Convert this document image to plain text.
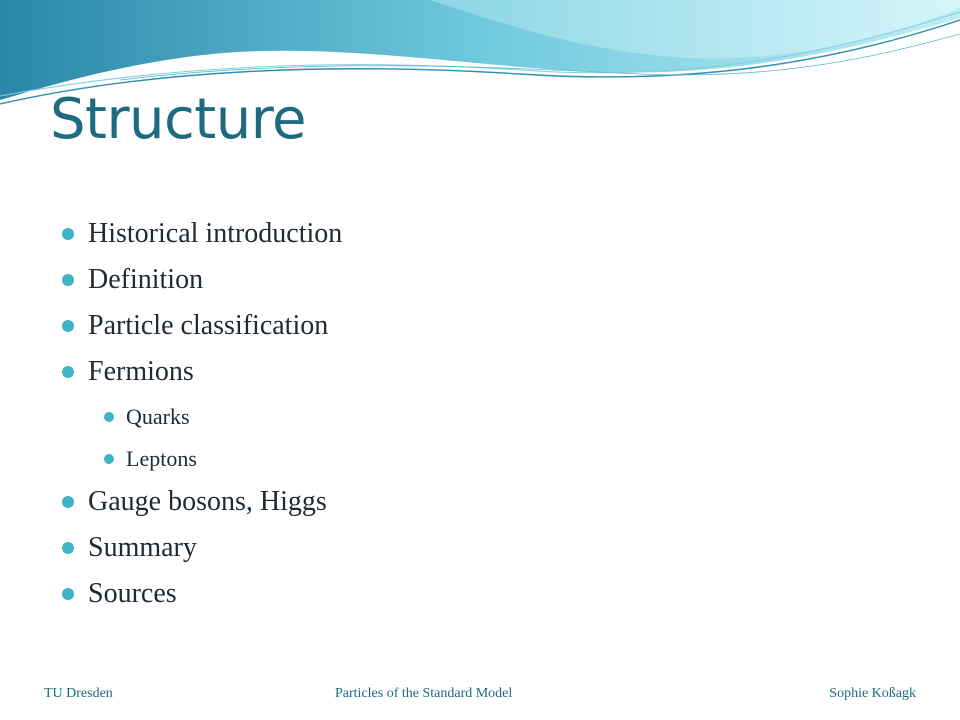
Structure
Historical introduction
Definition
Particle classification
Fermions
Quarks
Leptons
Gauge bosons, Higgs
Summary
Sources
TU Dresden	Particles of the Standard Model	Sophie Koßagk
